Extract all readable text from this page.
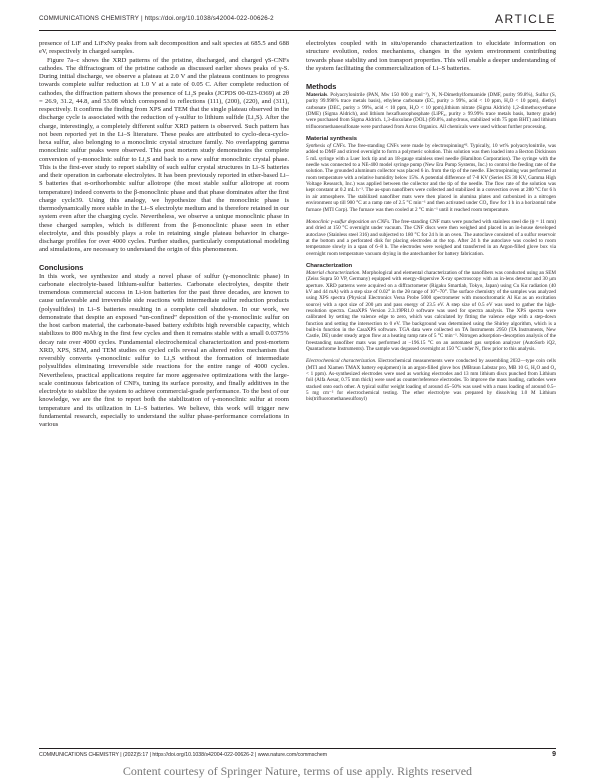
COMMUNICATIONS CHEMISTRY | https://doi.org/10.1038/s42004-022-00626-2	ARTICLE

presence of LiF and LiFxNy peaks from salt decomposition and salt species at 685.5 and 688 eV, respectively in charged samples.

Figure 7a–c shows the XRD patterns of the pristine, discharged, and charged γS-CNFs cathodes. The diffractogram of the pristine cathode as discussed earlier shows peaks of γ-S. During initial discharge, we observe a plateau at 2.0 V and the plateaus continues to progress towards complete sulfur reduction at 1.0 V at a rate of 0.05 C. After complete reduction of cathodes, the diffraction pattern shows the presence of Li₂S peaks (JCPDS 00-023-0369) at 2θ = 26.9, 31.2, 44.8, and 53.08 which correspond to reflections (111), (200), (220), and (311), respectively. It confirms the finding from XPS and TEM that the single plateau observed in the discharge cycle is associated with the reduction of γ-sulfur to lithium sulfide (Li₂S). After the charge, interestingly, a completely different sulfur XRD pattern is observed. Such pattern has not been reported yet in the Li–S literature. These peaks are attributed to cyclo-deca-cyclo-hexa sulfur, also belonging to a monoclinic crystal structure family. No overlapping gamma monoclinic sulfur peaks were observed. This post mortem study demonstrates the complete conversion of γ-monoclinic sulfur to Li₂S and back to a new sulfur monoclinic crystal phase. This is the first-ever study to report stability of such sulfur crystal structures in Li–S batteries and their operation in carbonate electrolytes. It has been previously reported in ether-based Li–S batteries that α-orthorhombic sulfur allotrope (the most stable sulfur allotrope at room temperature) indeed converts to the β-monoclinic phase and that phase dominates after the first charge cycle39. Using this analogy, we hypothesize that the monoclinic phase is thermodynamically more stable in the Li–S electrolyte medium and is therefore retained in our system even after the charging cycle. Nevertheless, we observe a unique monoclinic phase in these charged samples, which is different from the β-monoclinic phase seen in ether electrolyte, and this possibly plays a role in retaining single plateau behavior in charge-discharge profiles for over 4000 cycles. Further studies, particularly computational modeling and simulations, are necessary to understand the origin of this phenomenon.

Conclusions

In this work, we synthesize and study a novel phase of sulfur (γ-monoclinic phase) in carbonate electrolyte-based lithium-sulfur batteries. Carbonate electrolytes, despite their tremendous commercial success in Li-ion batteries for the past three decades, are known to cause unfavorable and irreversible side reactions with intermediate sulfur reduction products (polysulfides) in Li–S batteries resulting in a complete cell shutdown. In our work, we demonstrate that despite an exposed “un-confined” deposition of the γ-monoclinic sulfur on the host carbon material, the carbonate-based battery exhibits high reversible capacity, which stabilizes to 800 mAh/g in the first few cycles and then it remains stable with a small 0.0375% decay rate over 4000 cycles. Fundamental electrochemical characterization and post-mortem XRD, XPS, SEM, and TEM studies on cycled cells reveal an altered redox mechanism that reversibly converts γ-monoclinic sulfur to Li₂S without the formation of intermediate polysulfides eliminating irreversible side reactions for the entire range of 4000 cycles. Nevertheless, practical applications require far more aggressive optimizations with the large-scale continuous fabrication of CNFs, tuning its surface porosity, and finally additives in the electrolyte to stabilize the system to achieve commercial-grade performance. To the best of our knowledge, we are the first to report both the stabilization of γ-monoclinic sulfur at room temperature and its utilization in Li–S batteries. We believe, this work will trigger new fundamental research, especially to understand the sulfur phase-performance correlations in various

electrolytes coupled with in situ/operando characterization to elucidate information on structure evolution, redox mechanisms, changes in the system environment contributing towards phase stability and ion transport properties. This will enable a deeper understanding of the system facilitating the commercialization of Li–S batteries.

Methods

Materials. Polyacrylonitrile (PAN, Mw 150 000 g mol⁻¹), N, N-Dimethylformamide (DMF, purity 99.8%), Sulfur (S, purity 99.998% trace metals basis), ethylene carbonate (EC, purity ≥ 99%, acid < 10 ppm, H₂O < 10 ppm), diethyl carbonate (DEC, purity ≥ 99%, acid < 10 ppm, H₂O < 10 ppm),lithium nitrate (Sigma Aldrich) 1,2-dimethoxyethane (DME) (Sigma Aldrich), and lithium hexafluorophosphate (LiPF₆, purity ≥ 99.99% trace metals basis, battery grade) were purchased from Sigma Aldrich. 1,3-dioxolane (DOL) (99.8%, anhydrous, stabilized with 75 ppm BHT) and lithium trifluoromethanesulfonate were purchased from Acros Organics. All chemicals were used without further processing.

Material synthesis

Synthesis of CNFs. The free-standing CNFs were made by electrospinning⁴². Typically, 10 wt% polyacrylonitrile, was added to DMF and stirred overnight to form a polymeric solution. This solution was then loaded into a Becton Dickinson 5 mL syringe with a Luer lock tip and an 18-gauge stainless steel needle (Hamilton Corporation). The syringe with the needle was connected to a NE-400 model syringe pump (New Era Pump Systems, Inc.) to control the feeding rate of the solution. The grounded aluminum collector was placed 6 in. from the tip of the needle. Electrospinning was performed at room temperature with a relative humidity below 15%. A potential difference of 7-8 KV (Series ES 30 KV, Gamma High Voltage Research, Inc.) was applied between the collector and the tip of the needle. The flow rate of the solution was kept constant at 0.2 mL h⁻¹. The as-spun nanofibers were collected and stabilized in a convection oven at 280 °C for 6 h in air atmosphere. The stabilized nanofiber mats were then placed in alumina plates and carbonized in a nitrogen environment up till 900 °C at a ramp rate of 2.5 °C min⁻¹ and then activated under CO₂ flow for 1 h in a horizontal tube furnace (MTI Corp). The furnace was then cooled at 2 °C min⁻¹ until it reached room temperature.

Monoclinic γ-sulfur deposition on CNFs. The free-standing CNF mats were punched with stainless steel die (ϕ = 11 mm) and dried at 150 °C overnight under vacuum. The CNF discs were then weighed and placed in an in-house developed autoclave (Stainless steel 316) and subjected to 180 °C for 24 h in an oven. The autoclave consisted of a sulfur reservoir at the bottom and a perforated disk for placing electrodes at the top. After 24 h the autoclave was cooled to room temperature slowly in a span of 6–8 h. The electrodes were weighed and transferred in an Argon-filled glove box via overnight room temperature vacuum drying in the antechamber for battery fabrication.

Characterization

Material characterization. Morphological and elemental characterization of the nanofibers was conducted using an SEM (Zeiss Supra 50 VP, Germany) equipped with energy-dispersive X-ray spectroscopy with an in-lens detector and 30 μm aperture. XRD patterns were acquired on a diffractometer (Rigaku Smartlab, Tokyo, Japan) using Cu Kα radiation (40 kV and 44 mA) with a step size of 0.02° in the 2θ range of 10°–70°. The surface chemistry of the samples was analyzed using XPS spectra (Physical Electronics Versa Probe 5000 spectrometer with monochromatic Al Kα as an excitation source) with a spot size of 200 μm and pass energy of 23.5 eV. A step size of 0.5 eV was used to gather the high-resolution spectra. CasaXPS Version 2.3.19PR1.0 software was used for spectra analysis. The XPS spectra were calibrated by setting the valence edge to zero, which was calculated by fitting the valence edge with a step-down function and setting the intersection to 0 eV. The background was determined using the Shirley algorithm, which is a built-in function in the CasaXPS software. TGA data were collected on TA Instruments 2950 (TA Instruments, New Castle, DE) under steady argon flow at a heating ramp rate of 5 °C min⁻¹. Nitrogen adsorption–desorption analysis of the freestanding nanofiber mats was performed at −196.15 °C on an automated gas sorption analyzer (AutoSorb iQ2, Quantachrome Instruments). The sample was degassed overnight at 150 °C under N₂ flow prior to this analysis.

Electrochemical characterization. Electrochemical measurements were conducted by assembling 2032—type coin cells (MTI and Xiamen TMAX battery equipment) in an argon-filled glove box (MBraun Labstar pro, MB 10 G, H₂O and O₂ < 1 ppm). As-synthesized electrodes were used as working electrodes and 13 mm lithium discs punched from Lithium foil (Alfa Aesar, 0.75 mm thick) were used as counter/reference electrodes. To improve the mass loading, cathodes were stacked onto each other. A typical sulfur weight loading of around 45–50% was used with a mass loading of around 0.5–5 mg cm⁻² for electrochemical testing. The ether electrolyte was prepared by dissolving 1.0 M Lithium bis(trifluoromethanesulfonyl)

COMMUNICATIONS CHEMISTRY | (2022)5:17 | https://doi.org/10.1038/s42004-022-00626-2 | www.nature.com/commschem	9
Content courtesy of Springer Nature, terms of use apply. Rights reserved
